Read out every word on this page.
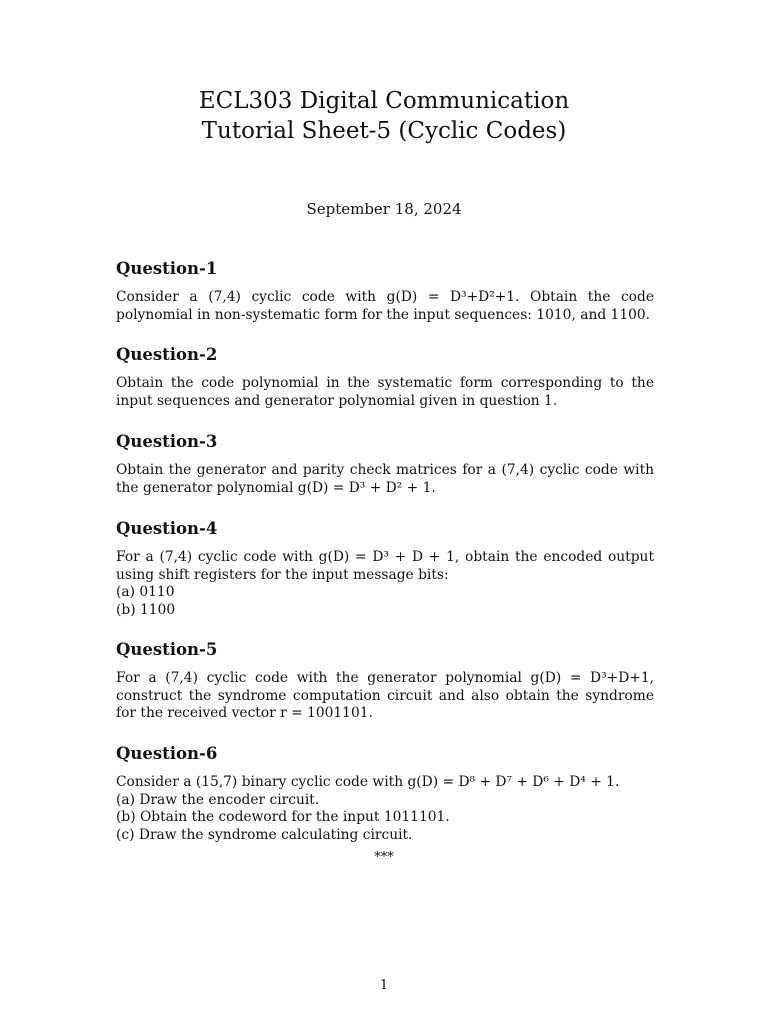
ECL303 Digital Communication
Tutorial Sheet-5 (Cyclic Codes)
September 18, 2024
Question-1

Consider a (7,4) cyclic code with g(D) = D³+D²+1. Obtain the code polynomial in non-systematic form for the input sequences: 1010, and 1100.

Question-2

Obtain the code polynomial in the systematic form corresponding to the input sequences and generator polynomial given in question 1.

Question-3

Obtain the generator and parity check matrices for a (7,4) cyclic code with the generator polynomial g(D) = D³ + D² + 1.

Question-4

For a (7,4) cyclic code with g(D) = D³ + D + 1, obtain the encoded output using shift registers for the input message bits:

(a) 0110
(b) 1100
Question-5

For a (7,4) cyclic code with the generator polynomial g(D) = D³+D+1, construct the syndrome computation circuit and also obtain the syndrome for the received vector r = 1001101.

Question-6

Consider a (15,7) binary cyclic code with g(D) = D⁸ + D⁷ + D⁶ + D⁴ + 1.

(a) Draw the encoder circuit.
(b) Obtain the codeword for the input 1011101.
(c) Draw the syndrome calculating circuit.
***
1
